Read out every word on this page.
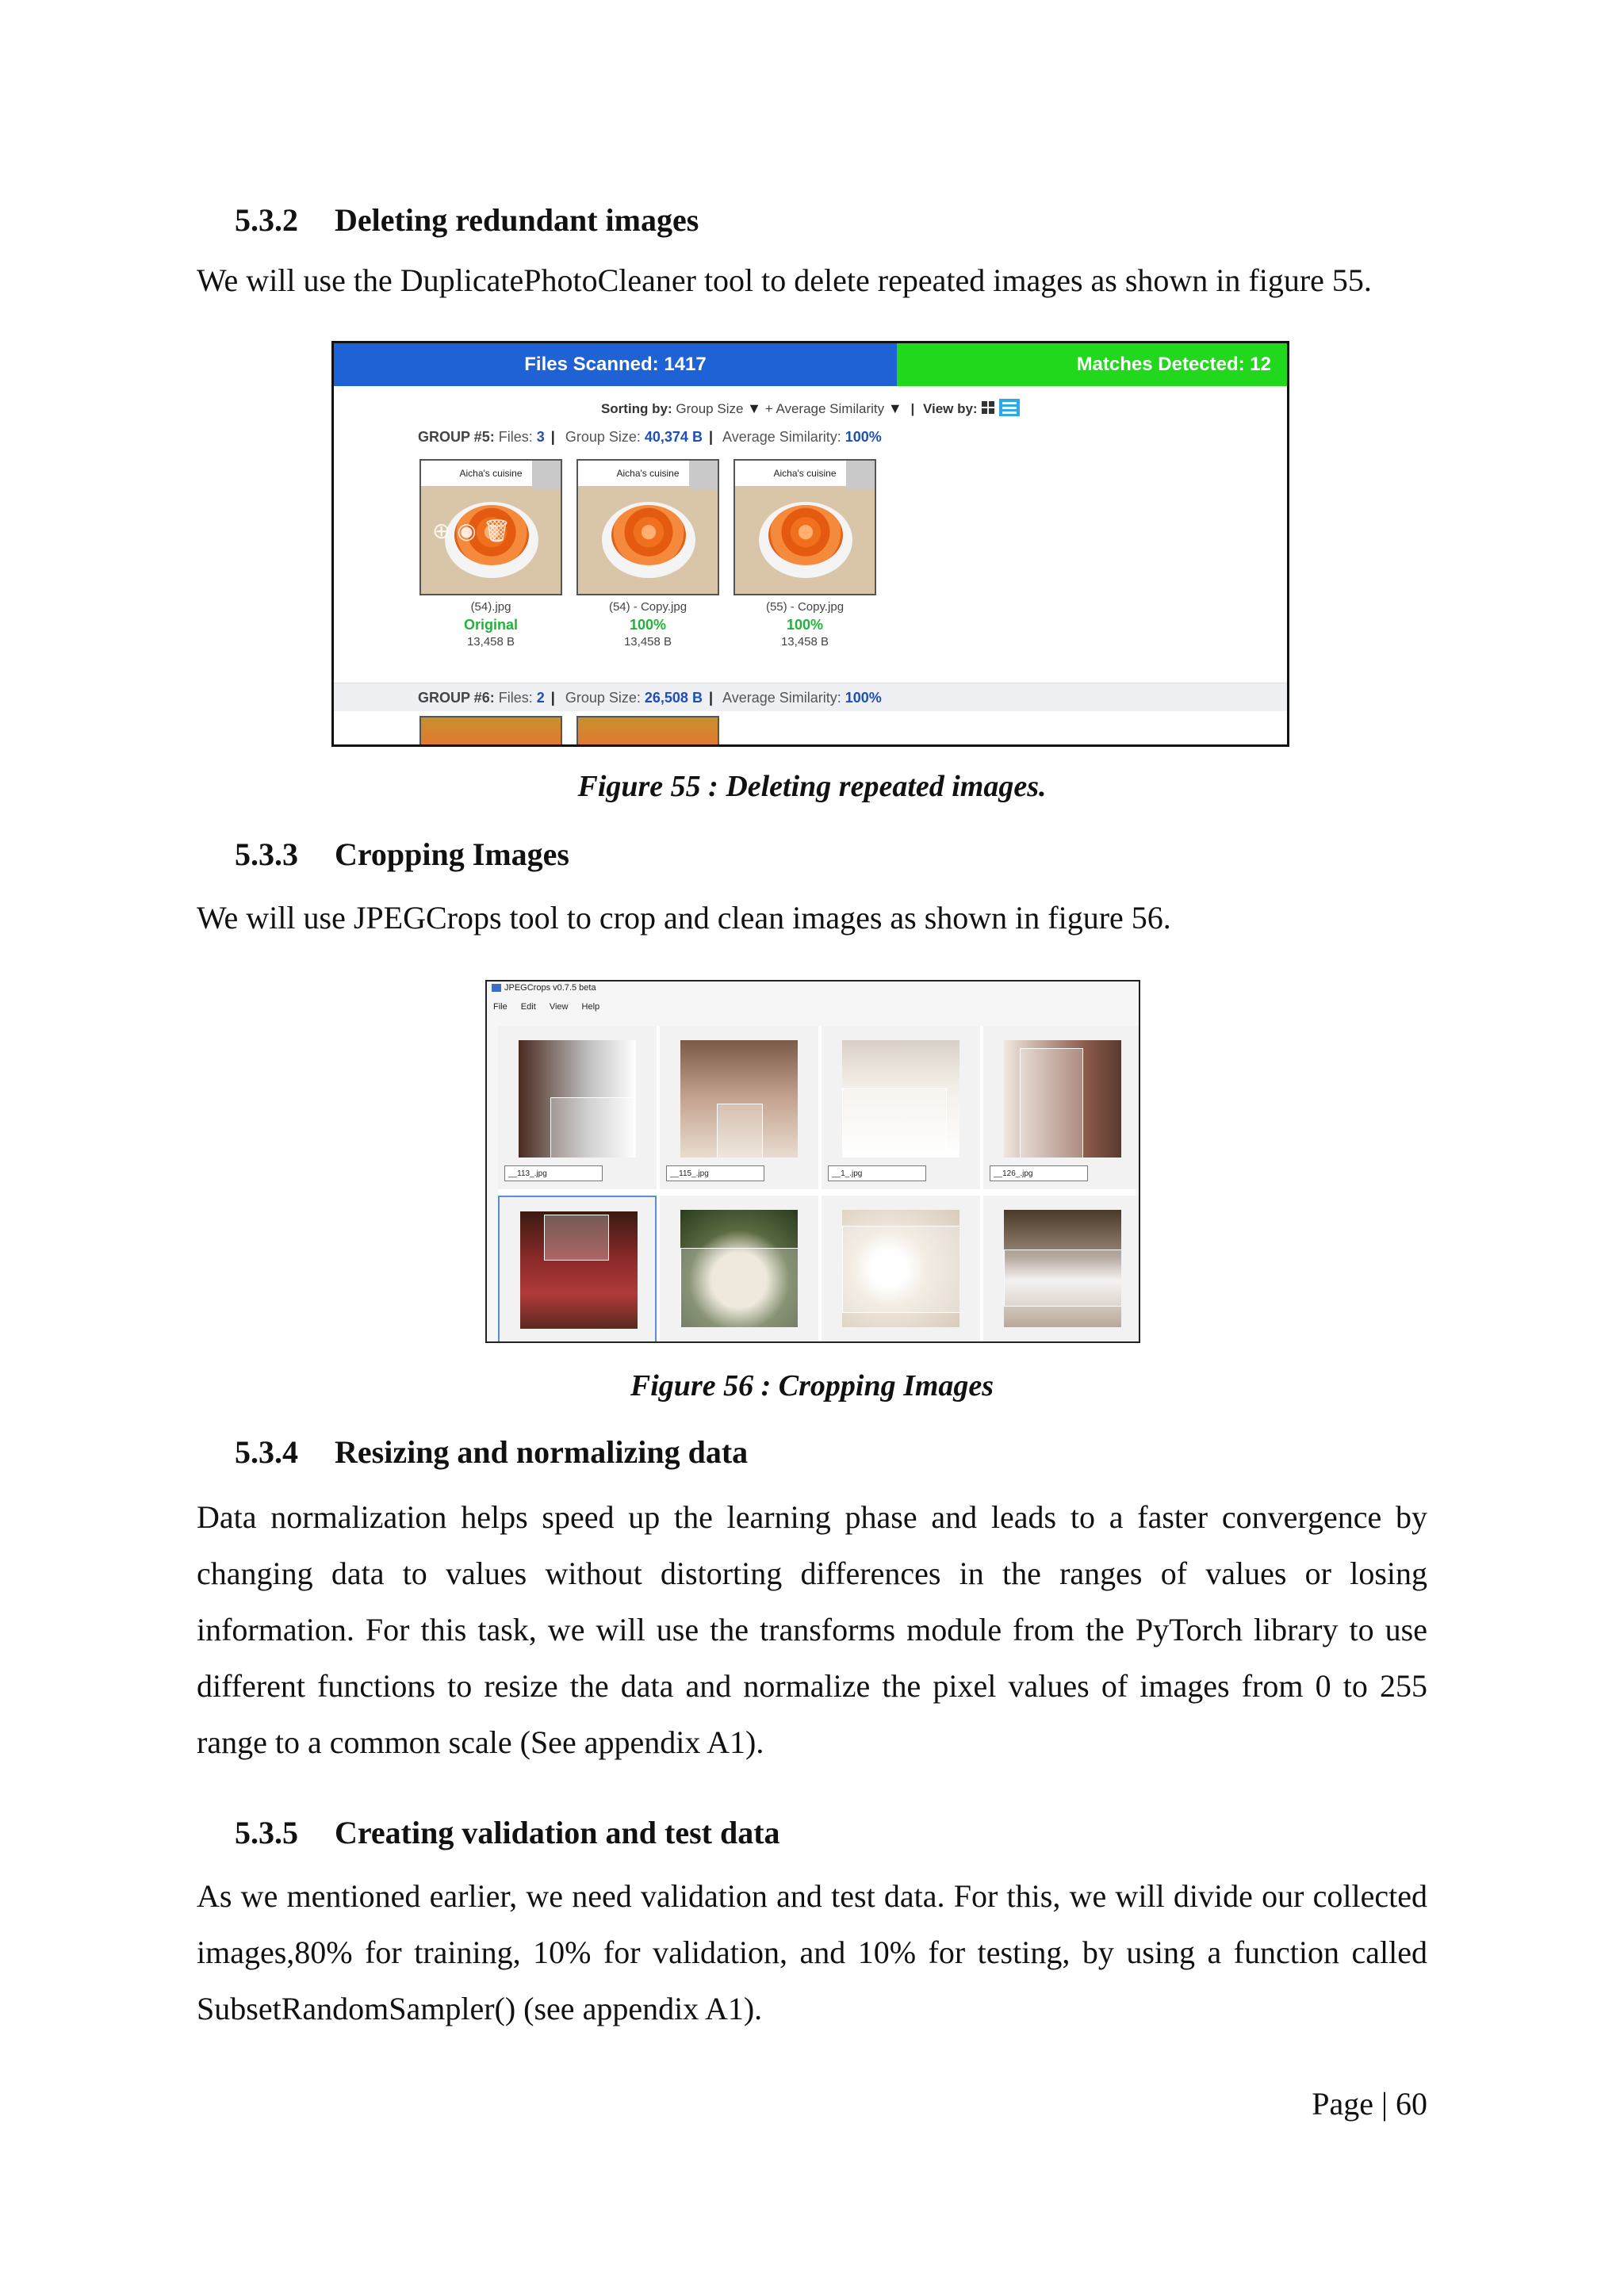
5.3.2 Deleting redundant images
We will use the DuplicatePhotoCleaner tool to delete repeated images as shown in figure 55.
Files Scanned: 1417	Matches Detected: 12
Sorting by: Group Size ▼ + Average Similarity ▼ | View by:
GROUP #5: Files: 3 | Group Size: 40,374 B | Average Similarity: 100%
Aicha's cuisine
⊕ ◉ 🗑
(54).jpg
Original
13,458 B
Aicha's cuisine
(54) - Copy.jpg
100%
13,458 B
Aicha's cuisine
(55) - Copy.jpg
100%
13,458 B
GROUP #6: Files: 2 | Group Size: 26,508 B | Average Similarity: 100%
Figure 55 : Deleting repeated images.
5.3.3 Cropping Images
We will use JPEGCrops tool to crop and clean images as shown in figure 56.
JPEGCrops v0.7.5 beta
File Edit View Help
__113_.jpg	__115_.jpg	__1_.jpg	__126_.jpg
Figure 56 : Cropping Images
5.3.4 Resizing and normalizing data
Data normalization helps speed up the learning phase and leads to a faster convergence by changing data to values without distorting differences in the ranges of values or losing information. For this task, we will use the transforms module from the PyTorch library to use different functions to resize the data and normalize the pixel values of images from 0 to 255 range to a common scale (See appendix A1).
5.3.5 Creating validation and test data
As we mentioned earlier, we need validation and test data. For this, we will divide our collected images,80% for training, 10% for validation, and 10% for testing, by using a function called SubsetRandomSampler() (see appendix A1).
Page | 60
